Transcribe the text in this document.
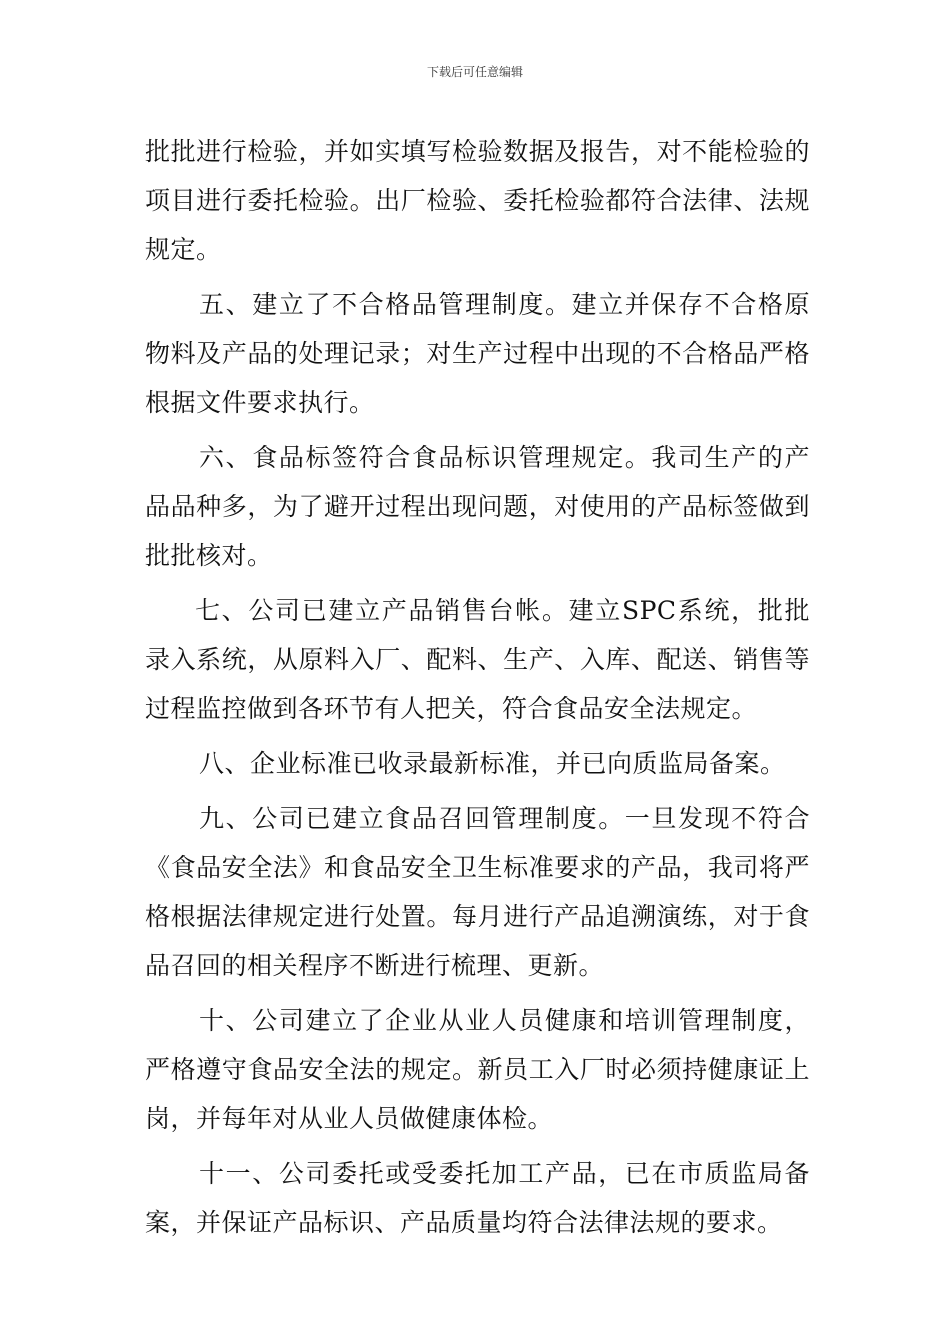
下载后可任意编辑

批批进行检验，并如实填写检验数据及报告，对不能检验的项目进行委托检验。出厂检验、委托检验都符合法律、法规规定。

五、建立了不合格品管理制度。建立并保存不合格原物料及产品的处理记录；对生产过程中出现的不合格品严格根据文件要求执行。

六、食品标签符合食品标识管理规定。我司生产的产品品种多，为了避开过程出现问题，对使用的产品标签做到批批核对。

七、公司已建立产品销售台帐。建立SPC系统，批批录入系统，从原料入厂、配料、生产、入库、配送、销售等过程监控做到各环节有人把关，符合食品安全法规定。

八、企业标准已收录最新标准，并已向质监局备案。

九、公司已建立食品召回管理制度。一旦发现不符合《食品安全法》和食品安全卫生标准要求的产品，我司将严格根据法律规定进行处置。每月进行产品追溯演练，对于食品召回的相关程序不断进行梳理、更新。

十、公司建立了企业从业人员健康和培训管理制度，严格遵守食品安全法的规定。新员工入厂时必须持健康证上岗，并每年对从业人员做健康体检。

十一、公司委托或受委托加工产品，已在市质监局备案，并保证产品标识、产品质量均符合法律法规的要求。
